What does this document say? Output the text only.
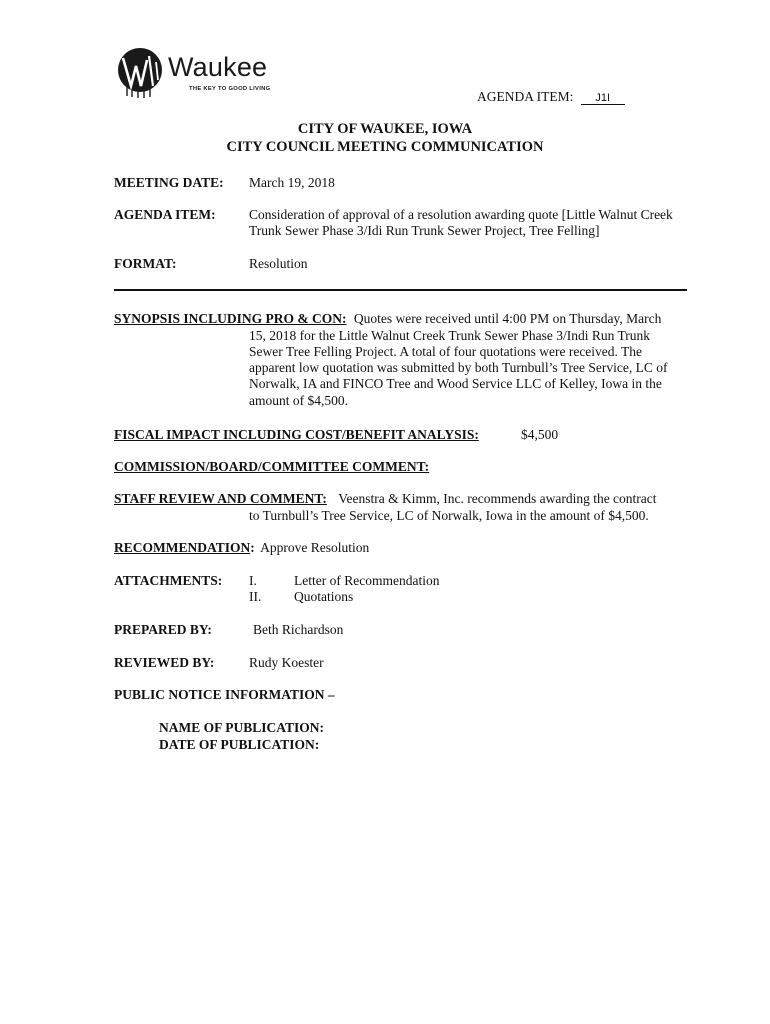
Waukee
THE KEY TO GOOD LIVING	AGENDA ITEM: J1I
CITY OF WAUKEE, IOWA
CITY COUNCIL MEETING COMMUNICATION
MEETING DATE: March 19, 2018
AGENDA ITEM: Consideration of approval of a resolution awarding quote [Little Walnut Creek
Trunk Sewer Phase 3/Idi Run Trunk Sewer Project, Tree Felling]
FORMAT:	Resolution
SYNOPSIS INCLUDING PRO & CON: Quotes were received until 4:00 PM on Thursday, March
15, 2018 for the Little Walnut Creek Trunk Sewer Phase 3/Indi Run Trunk
Sewer Tree Felling Project. A total of four quotations were received. The
apparent low quotation was submitted by both Turnbull’s Tree Service, LC of
Norwalk, IA and FINCO Tree and Wood Service LLC of Kelley, Iowa in the
amount of $4,500.
FISCAL IMPACT INCLUDING COST/BENEFIT ANALYSIS:	$4,500
COMMISSION/BOARD/COMMITTEE COMMENT:
STAFF REVIEW AND COMMENT: Veenstra & Kimm, Inc. recommends awarding the contract
to Turnbull’s Tree Service, LC of Norwalk, Iowa in the amount of $4,500.
RECOMMENDATION: Approve Resolution
ATTACHMENTS: I.	Letter of Recommendation
II. Quotations
PREPARED BY:	Beth Richardson
REVIEWED BY:	Rudy Koester
PUBLIC NOTICE INFORMATION –
NAME OF PUBLICATION:
DATE OF PUBLICATION:
